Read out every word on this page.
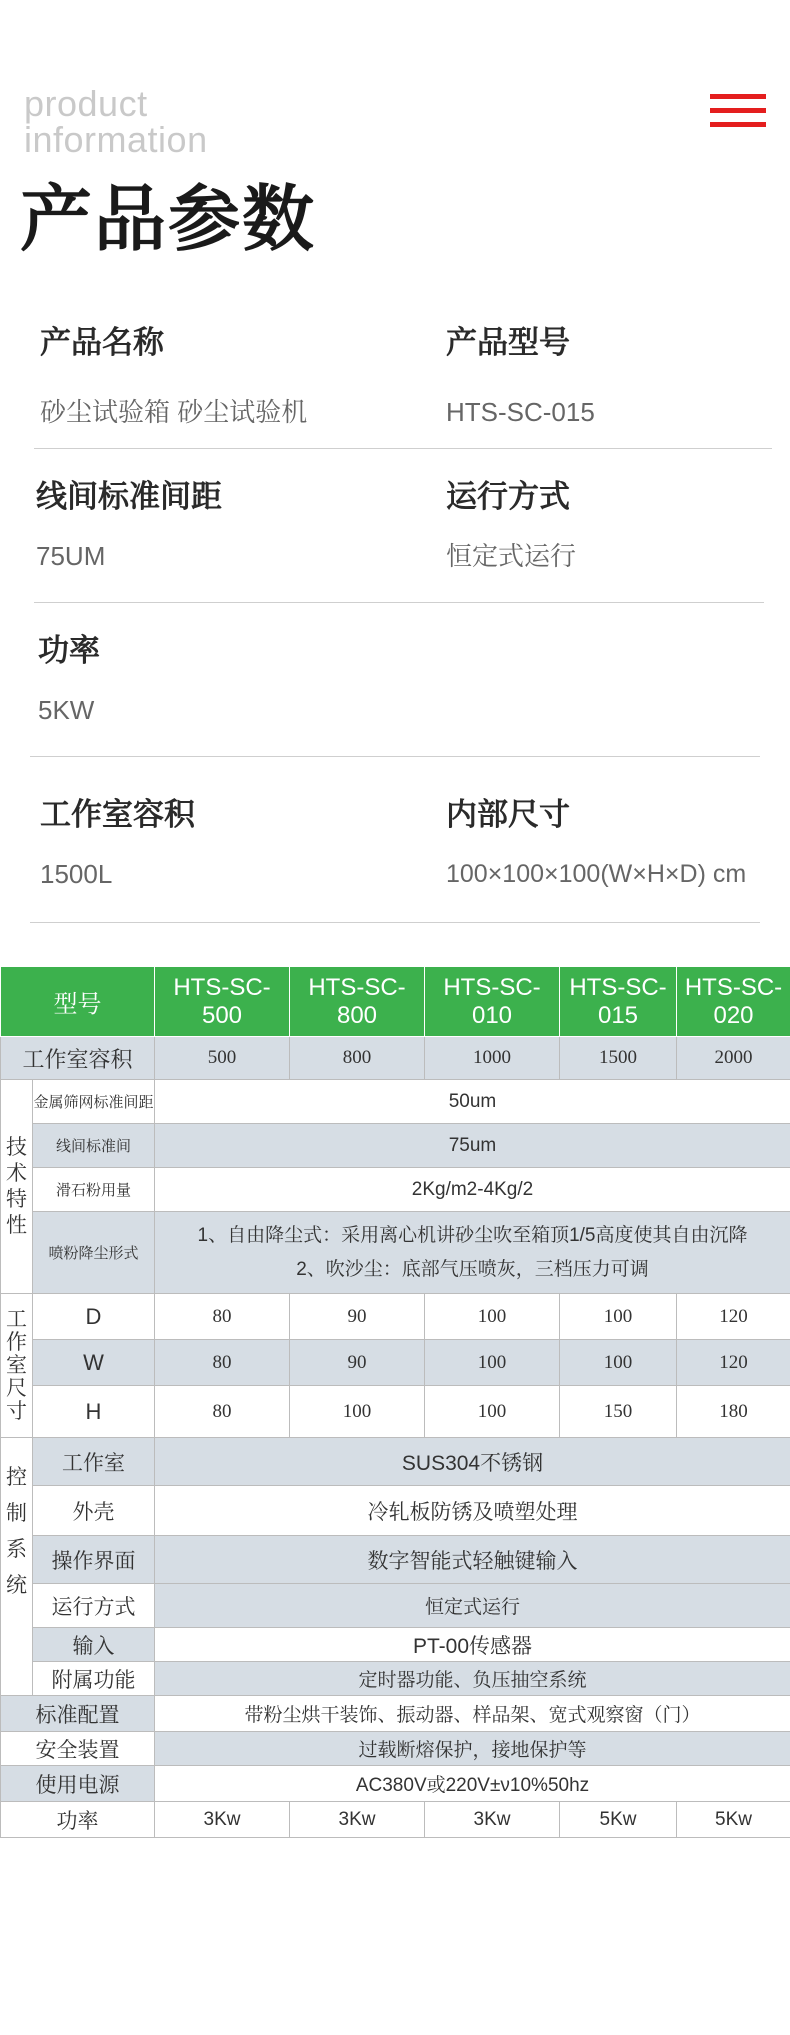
product
information
产品参数
产品名称
砂尘试验箱 砂尘试验机
产品型号
HTS-SC-015
线间标准间距
75UM
运行方式
恒定式运行
功率
5KW
工作室容积
1500L
内部尺寸
100×100×100(W×H×D) cm
型号		HTS-SC-500	HTS-SC-800	HTS-SC-010	HTS-SC-015	HTS-SC-020
工作室容积		500	800	1000	1500	2000

技
术
特
性	金属筛网标准间距	50um				
	线间标准间	75um				
	滑石粉用量	2Kg/m2-4Kg/2				
	喷粉降尘形式	1、自由降尘式：采用离心机讲砂尘吹至箱顶1/5高度使其自由沉降
2、吹沙尘：底部气压喷灰，三档压力可调				

工
作
室
尺
寸	D	80	90	100	100	120
	W	80	90	100	100	120
	H	80	100	100	150	180

控
制
系
统	工作室	SUS304不锈钢				
	外壳	冷轧板防锈及喷塑处理				
	操作界面	数字智能式轻触键输入				
	运行方式	恒定式运行				
	输入	PT-00传感器				
	附属功能	定时器功能、负压抽空系统				
标准配置		带粉尘烘干装饰、振动器、样品架、宽式观察窗（门）				
安全装置		过载断熔保护，接地保护等				
使用电源		AC380V或220V±ν10%50hz				
功率		3Kw	3Kw	3Kw	5Kw	5Kw
